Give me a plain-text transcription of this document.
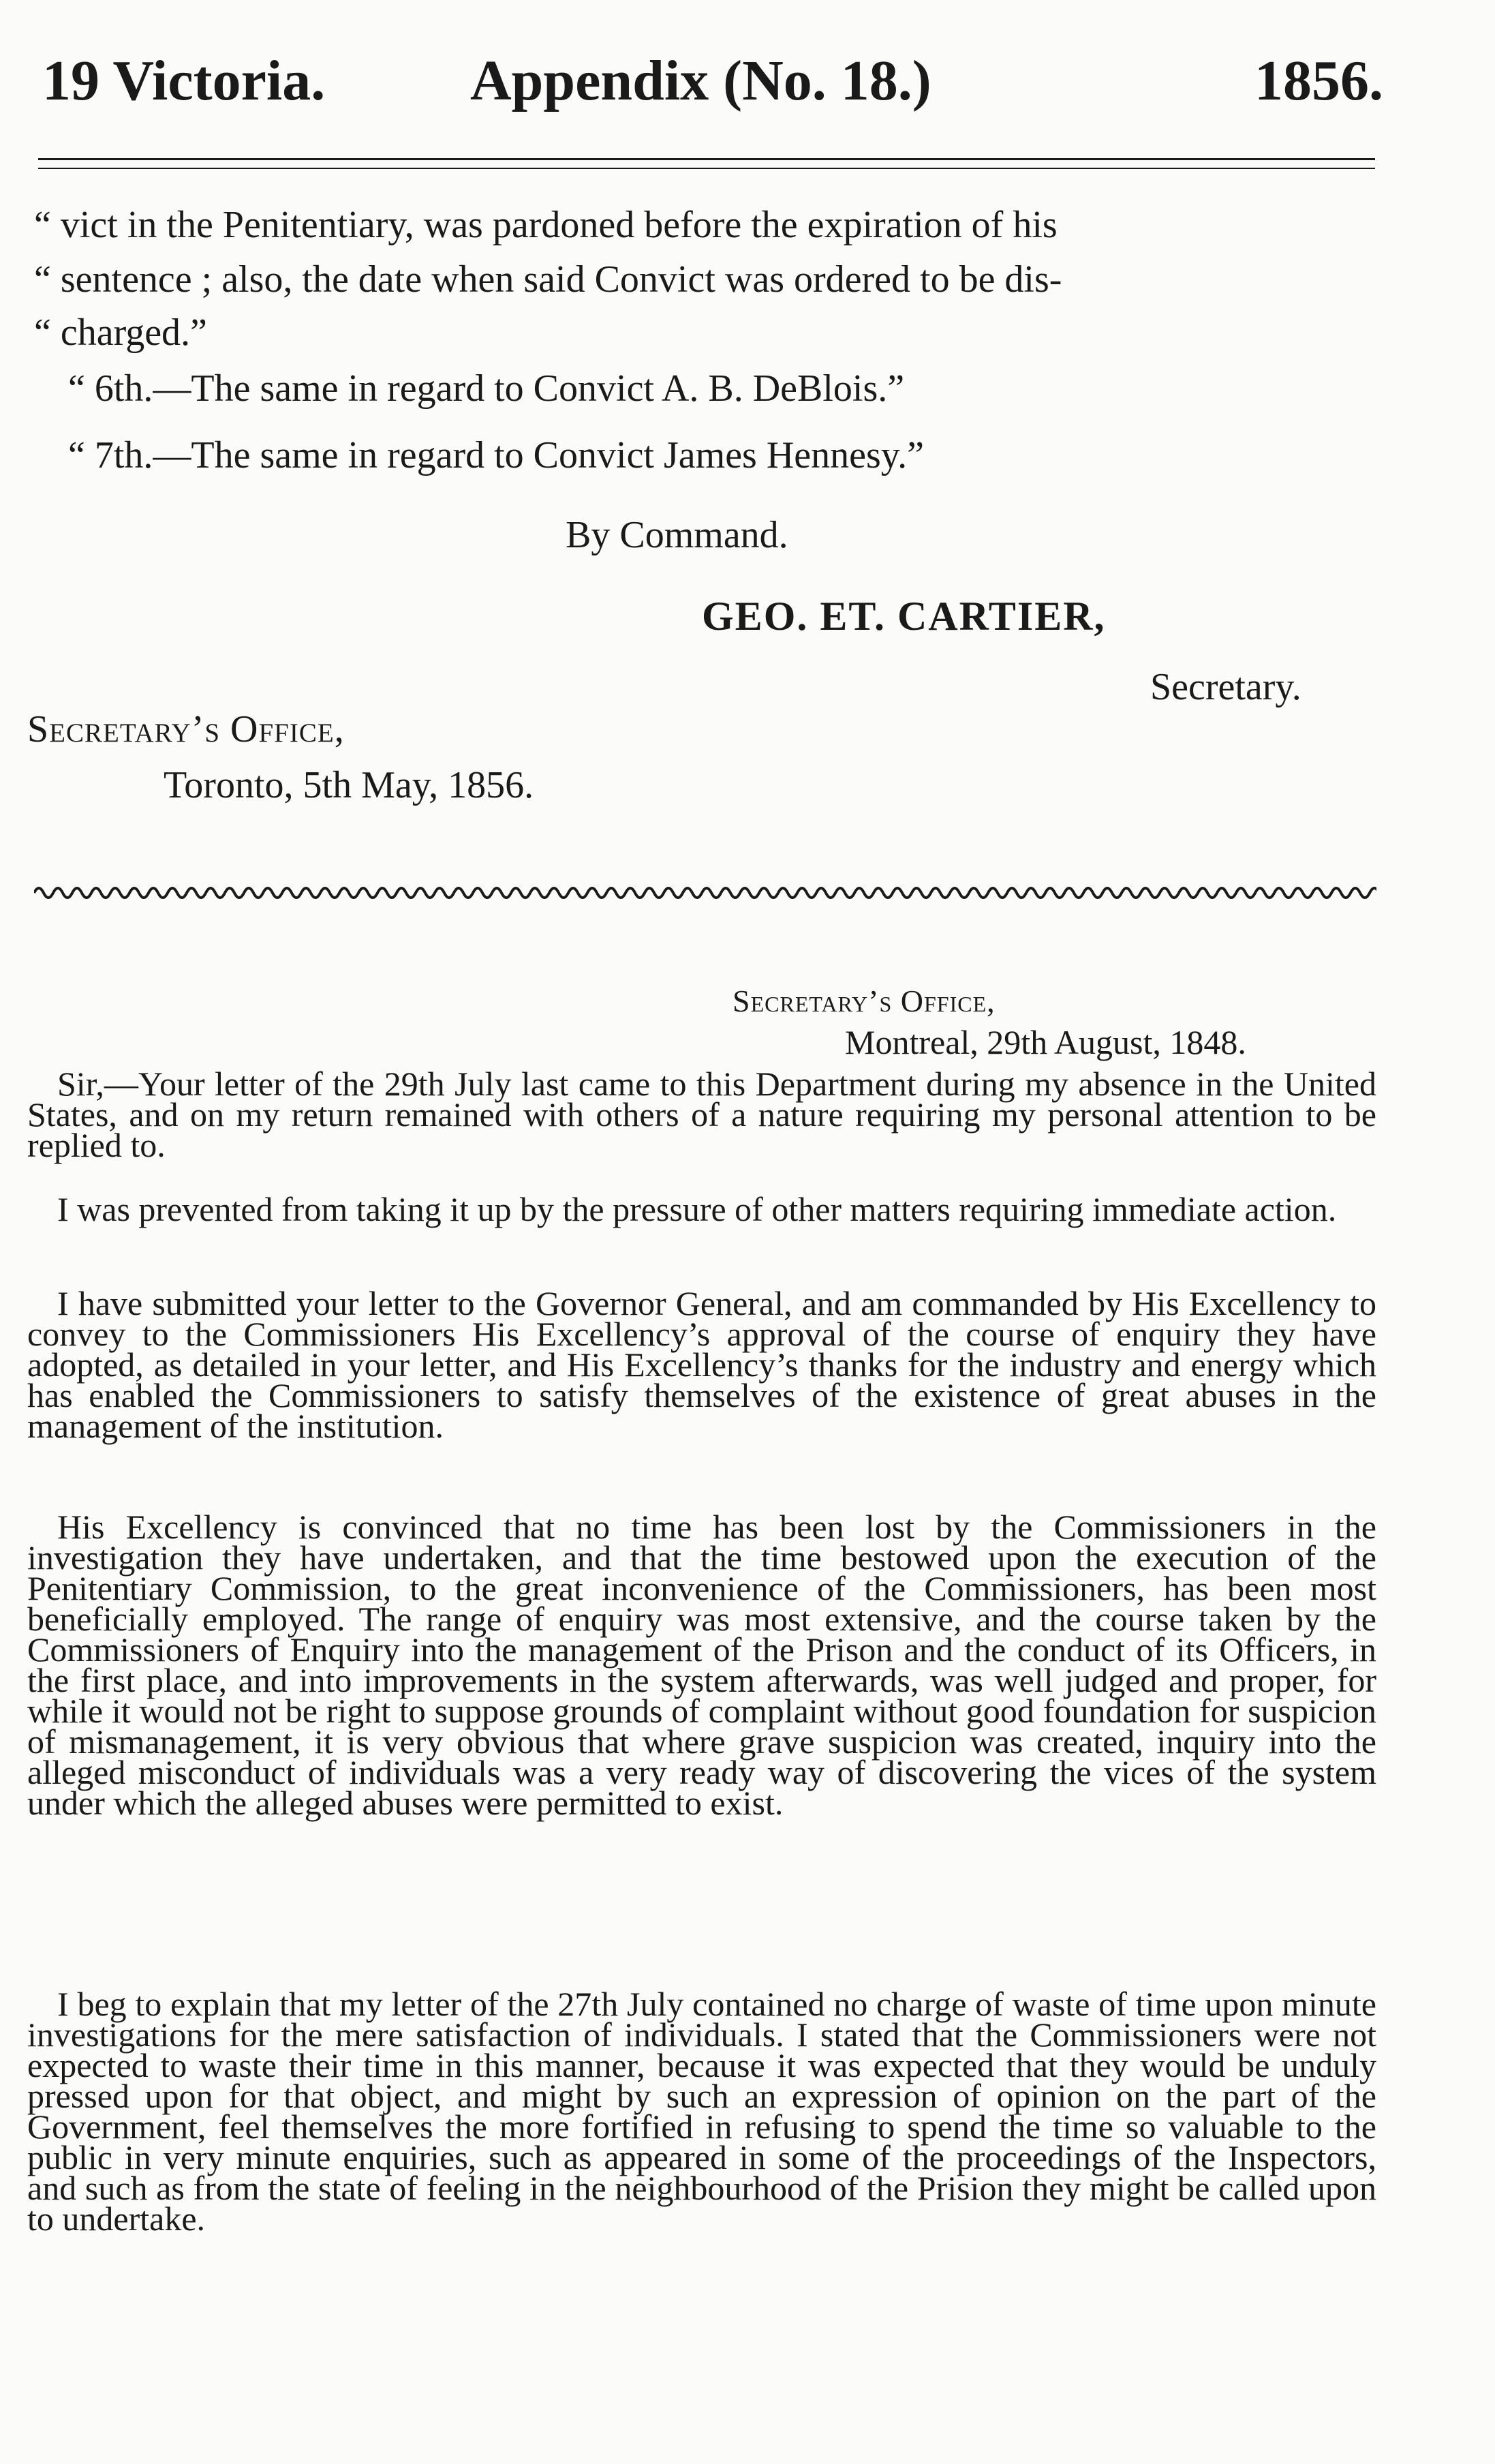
19 Victoria.	Appendix (No. 18.)	1856.
“ vict in the Penitentiary, was pardoned before the expiration of his
“ sentence ; also, the date when said Convict was ordered to be dis-
“ charged.”
“ 6th.—The same in regard to Convict A. B. DeBlois.”
“ 7th.—The same in regard to Convict James Hennesy.”
By Command.
GEO. ET. CARTIER,
Secretary.
Secretary’s Office,
Toronto, 5th May, 1856.
Secretary’s Office,
Montreal, 29th August, 1848.
Sir,—Your letter of the 29th July last came to this Department during my absence in the United States, and on my return remained with others of a nature requiring my personal attention to be replied to.
I was prevented from taking it up by the pressure of other matters requiring immediate action.
I have submitted your letter to the Governor General, and am commanded by His Excellency to convey to the Commissioners His Excellency’s approval of the course of enquiry they have adopted, as detailed in your letter, and His Excellency’s thanks for the industry and energy which has enabled the Commissioners to satisfy themselves of the existence of great abuses in the management of the institution.
His Excellency is convinced that no time has been lost by the Commissioners in the investigation they have undertaken, and that the time bestowed upon the execution of the Penitentiary Commission, to the great inconvenience of the Commissioners, has been most beneficially employed. The range of enquiry was most extensive, and the course taken by the Commissioners of Enquiry into the management of the Prison and the conduct of its Officers, in the first place, and into improvements in the system afterwards, was well judged and proper, for while it would not be right to suppose grounds of complaint without good foundation for suspicion of mismanagement, it is very obvious that where grave suspicion was created, inquiry into the alleged misconduct of individuals was a very ready way of discovering the vices of the system under which the alleged abuses were permitted to exist.
I beg to explain that my letter of the 27th July contained no charge of waste of time upon minute investigations for the mere satisfaction of individuals. I stated that the Commissioners were not expected to waste their time in this manner, because it was expected that they would be unduly pressed upon for that object, and might by such an expression of opinion on the part of the Government, feel themselves the more fortified in refusing to spend the time so valuable to the public in very minute enquiries, such as appeared in some of the proceedings of the Inspectors, and such as from the state of feeling in the neighbourhood of the Prision they might be called upon to undertake.
